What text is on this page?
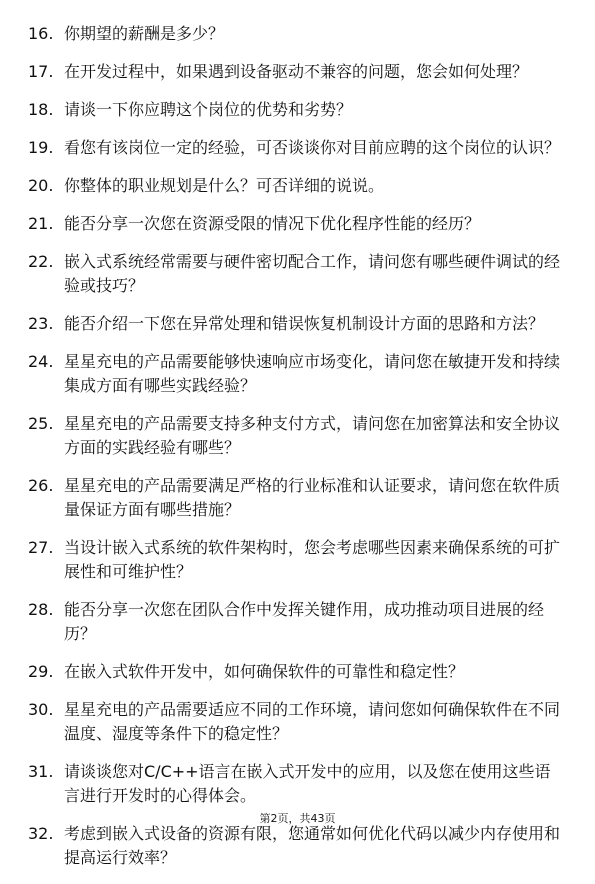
16. 你期望的薪酬是多少？
17. 在开发过程中，如果遇到设备驱动不兼容的问题，您会如何处理？
18. 请谈一下你应聘这个岗位的优势和劣势？
19. 看您有该岗位一定的经验，可否谈谈你对目前应聘的这个岗位的认识？
20. 你整体的职业规划是什么？可否详细的说说。
21. 能否分享一次您在资源受限的情况下优化程序性能的经历？
22. 嵌入式系统经常需要与硬件密切配合工作，请问您有哪些硬件调试的经验或技巧？
23. 能否介绍一下您在异常处理和错误恢复机制设计方面的思路和方法？
24. 星星充电的产品需要能够快速响应市场变化，请问您在敏捷开发和持续集成方面有哪些实践经验？
25. 星星充电的产品需要支持多种支付方式，请问您在加密算法和安全协议方面的实践经验有哪些？
26. 星星充电的产品需要满足严格的行业标准和认证要求，请问您在软件质量保证方面有哪些措施？
27. 当设计嵌入式系统的软件架构时，您会考虑哪些因素来确保系统的可扩展性和可维护性？
28. 能否分享一次您在团队合作中发挥关键作用，成功推动项目进展的经历？
29. 在嵌入式软件开发中，如何确保软件的可靠性和稳定性？
30. 星星充电的产品需要适应不同的工作环境，请问您如何确保软件在不同温度、湿度等条件下的稳定性？
31. 请谈谈您对C/C++语言在嵌入式开发中的应用，以及您在使用这些语言进行开发时的心得体会。
32. 考虑到嵌入式设备的资源有限，您通常如何优化代码以减少内存使用和提高运行效率？
第2页，共43页
